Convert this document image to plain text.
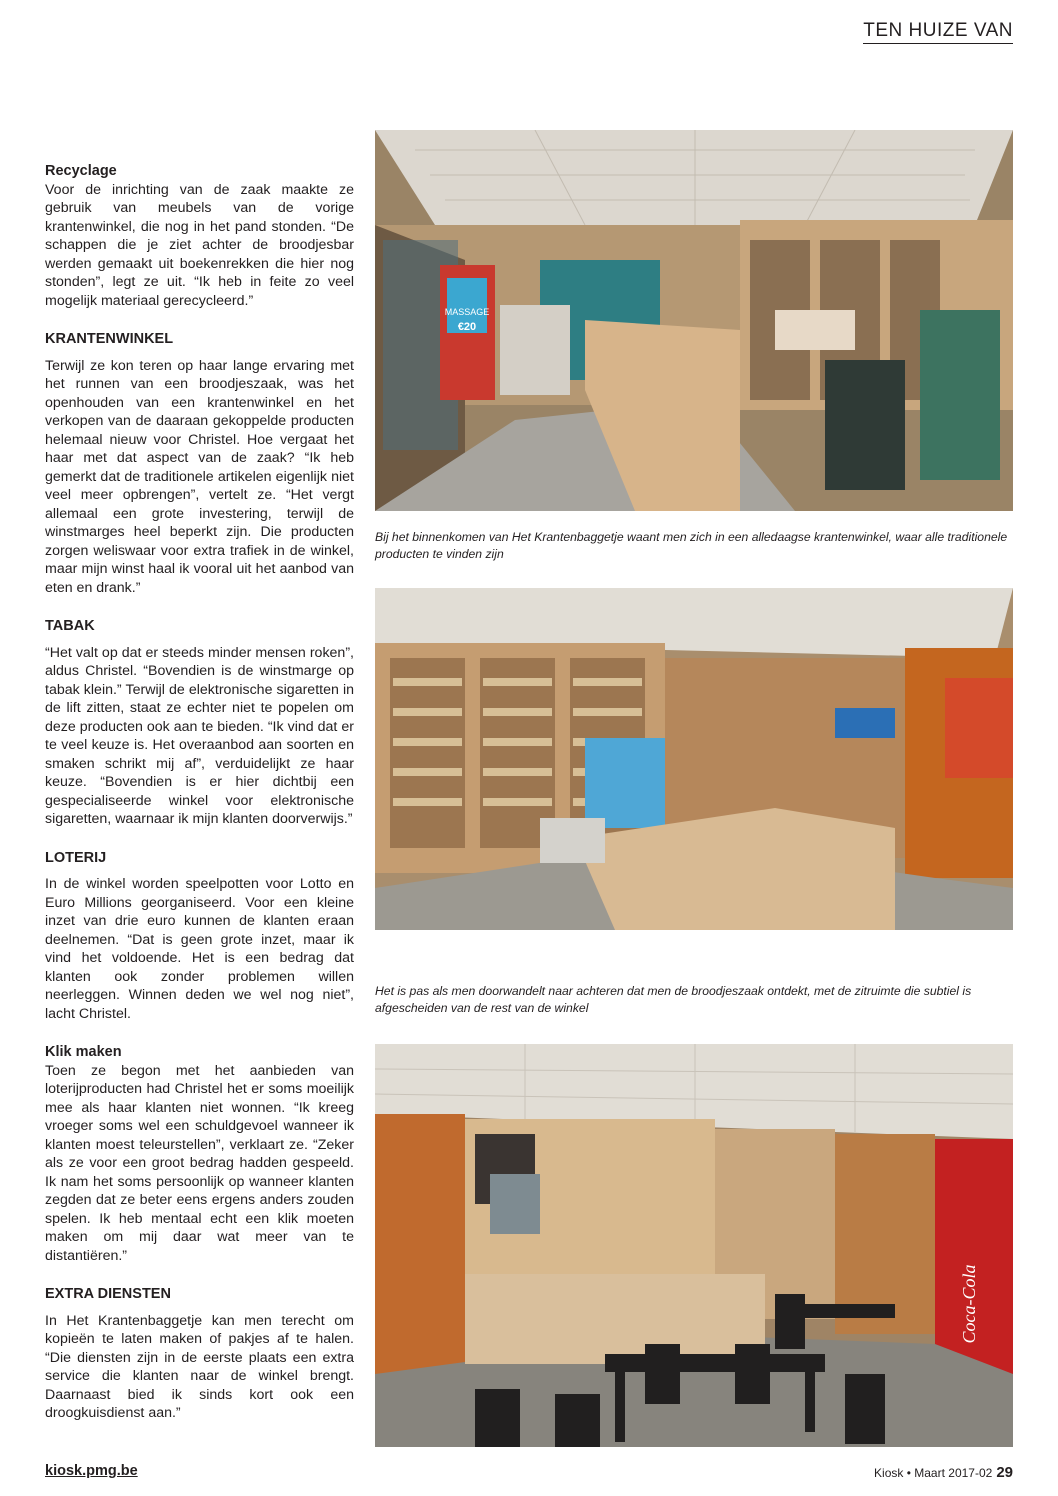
TEN HUIZE VAN
Recyclage

Voor de inrichting van de zaak maakte ze gebruik van meubels van de vorige krantenwinkel, die nog in het pand stonden. “De schappen die je ziet achter de broodjesbar werden gemaakt uit boekenrekken die hier nog stonden”, legt ze uit. “Ik heb in feite zo veel mogelijk materiaal gerecycleerd.”

KRANTENWINKEL

Terwijl ze kon teren op haar lange ervaring met het runnen van een broodjeszaak, was het openhouden van een krantenwinkel en het verkopen van de daaraan gekoppelde producten helemaal nieuw voor Christel. Hoe vergaat het haar met dat aspect van de zaak? “Ik heb gemerkt dat de traditionele artikelen eigenlijk niet veel meer opbrengen”, vertelt ze. “Het vergt allemaal een grote investering, terwijl de winstmarges heel beperkt zijn. Die producten zorgen weliswaar voor extra trafiek in de winkel, maar mijn winst haal ik vooral uit het aanbod van eten en drank.”

TABAK

“Het valt op dat er steeds minder mensen roken”, aldus Christel. “Bovendien is de winstmarge op tabak klein.” Terwijl de elektronische sigaretten in de lift zitten, staat ze echter niet te popelen om deze producten ook aan te bieden. “Ik vind dat er te veel keuze is. Het overaanbod aan soorten en smaken schrikt mij af”, verduidelijkt ze haar keuze. “Bovendien is er hier dichtbij een gespecialiseerde winkel voor elektronische sigaretten, waarnaar ik mijn klanten doorverwijs.”

LOTERIJ

In de winkel worden speelpotten voor Lotto en Euro Millions georganiseerd. Voor een kleine inzet van drie euro kunnen de klanten eraan deelnemen. “Dat is geen grote inzet, maar ik vind het voldoende. Het is een bedrag dat klanten ook zonder problemen willen neerleggen. Winnen deden we wel nog niet”, lacht Christel.

Klik maken

Toen ze begon met het aanbieden van loterijproducten had Christel het er soms moeilijk mee als haar klanten niet wonnen. “Ik kreeg vroeger soms wel een schuldgevoel wanneer ik klanten moest teleurstellen”, verklaart ze. “Zeker als ze voor een groot bedrag hadden gespeeld. Ik nam het soms persoonlijk op wanneer klanten zegden dat ze beter eens ergens anders zouden spelen. Ik heb mentaal echt een klik moeten maken om mij daar wat meer van te distantiëren.”

EXTRA DIENSTEN

In Het Krantenbaggetje kan men terecht om kopieën te laten maken of pakjes af te halen. “Die diensten zijn in de eerste plaats een extra service die klanten naar de winkel brengt. Daarnaast bied ik sinds kort ook een droogkuisdienst aan.”

MASSAGE
€20
Bij het binnenkomen van Het Krantenbaggetje waant men zich in een alledaagse krantenwinkel, waar alle traditionele producten te vinden zijn
Het is pas als men doorwandelt naar achteren dat men de broodjeszaak ontdekt, met de zitruimte die subtiel is afgescheiden van de rest van de winkel
Coca-Cola
kiosk.pmg.be	Kiosk • Maart 2017-02 29
